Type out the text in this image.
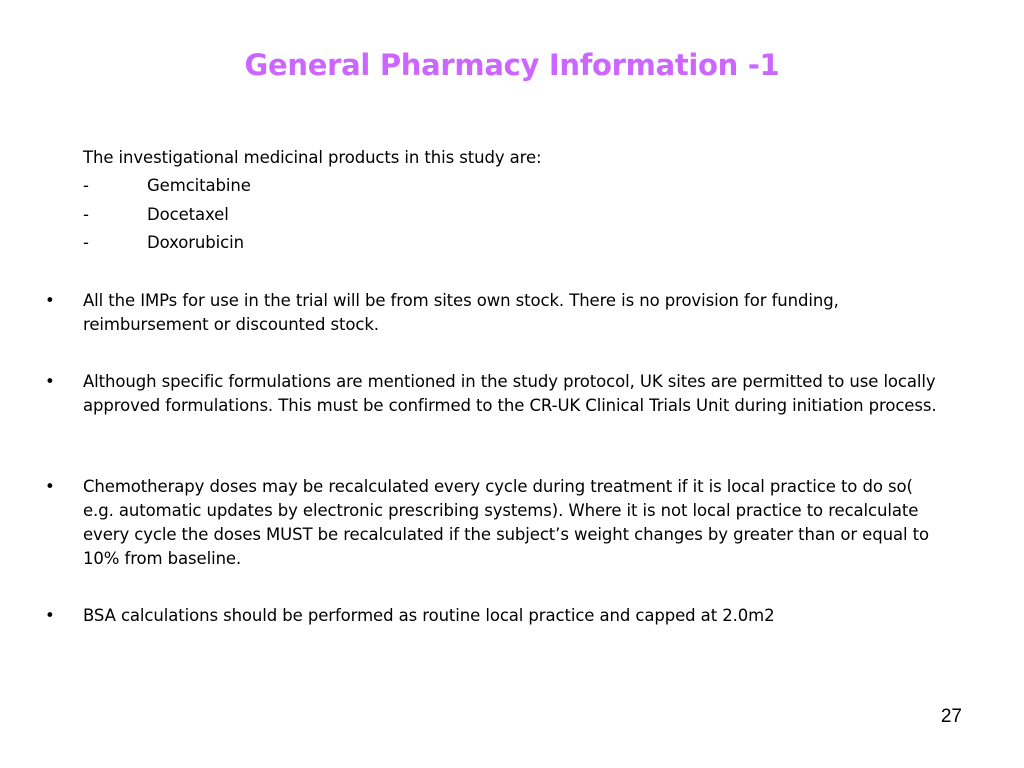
General Pharmacy Information -1
The investigational medicinal products in this study are:
-	Gemcitabine
-	Docetaxel
-	Doxorubicin
• All the IMPs for use in the trial will be from sites own stock. There is no provision for funding, reimbursement or discounted stock.
• Although specific formulations are mentioned in the study protocol, UK sites are permitted to use locally approved formulations. This must be confirmed to the CR-UK Clinical Trials Unit during initiation process.
• Chemotherapy doses may be recalculated every cycle during treatment if it is local practice to do so( e.g. automatic updates by electronic prescribing systems). Where it is not local practice to recalculate every cycle the doses MUST be recalculated if the subject’s weight changes by greater than or equal to 10% from baseline.
• BSA calculations should be performed as routine local practice and capped at 2.0m2
27
